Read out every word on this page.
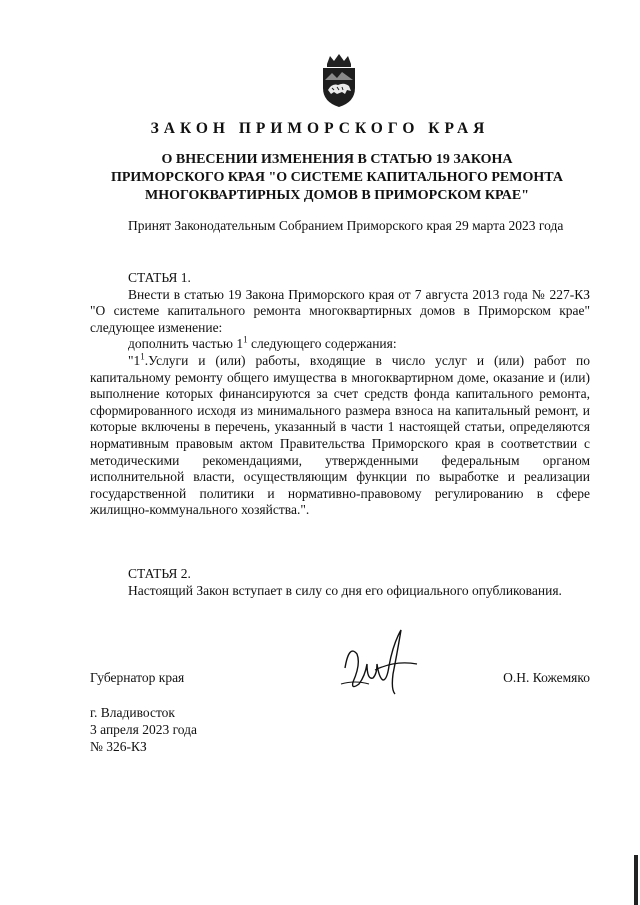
ЗАКОН ПРИМОРСКОГО КРАЯ
О ВНЕСЕНИИ ИЗМЕНЕНИЯ В СТАТЬЮ 19 ЗАКОНА
ПРИМОРСКОГО КРАЯ "О СИСТЕМЕ КАПИТАЛЬНОГО РЕМОНТА
МНОГОКВАРТИРНЫХ ДОМОВ В ПРИМОРСКОМ КРАЕ"

Принят Законодательным Собранием Приморского края 29 марта 2023 года

СТАТЬЯ 1.

Внести в статью 19 Закона Приморского края от 7 августа 2013 года № 227-КЗ "О системе капитального ремонта многоквартирных домов в Приморском крае" следующее изменение:

дополнить частью $1^1$ следующего содержания:

"$1^1.Услуги$ и (или) работы, входящие в число услуг и (или) работ по капитальному ремонту общего имущества в многоквартирном доме, оказание и (или) выполнение которых финансируются за счет средств фонда капитального ремонта, сформированного исходя из минимального размера взноса на капитальный ремонт, и которые включены в перечень, указанный в части 1 настоящей статьи, определяются нормативным правовым актом Правительства Приморского края в соответствии с методическими рекомендациями, утвержденными федеральным органом исполнительной власти, осуществляющим функции по выработке и реализации государственной политики и нормативно-правовому регулированию в сфере жилищно-коммунального хозяйства.".

СТАТЬЯ 2.

Настоящий Закон вступает в силу со дня его официального опубликования.

Губернатор края	О.Н. Кожемяко
г. Владивосток
3 апреля 2023 года
№ 326-КЗ
